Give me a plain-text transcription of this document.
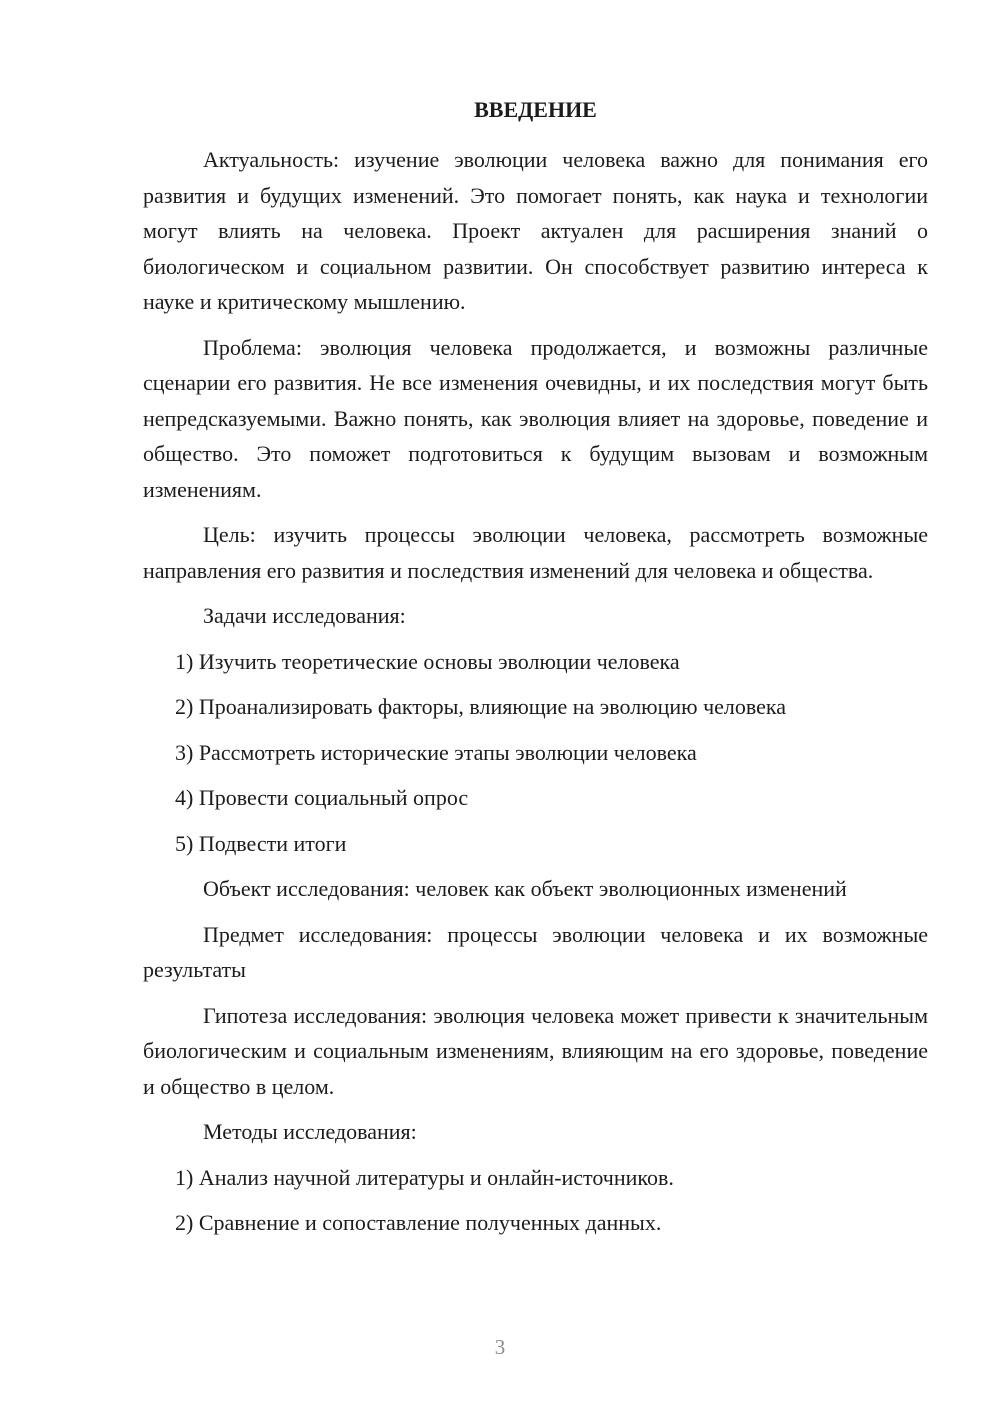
ВВЕДЕНИЕ

Актуальность: изучение эволюции человека важно для понимания его развития и будущих изменений. Это помогает понять, как наука и технологии могут влиять на человека. Проект актуален для расширения знаний о биологическом и социальном развитии. Он способствует развитию интереса к науке и критическому мышлению.

Проблема: эволюция человека продолжается, и возможны различные сценарии его развития. Не все изменения очевидны, и их последствия могут быть непредсказуемыми. Важно понять, как эволюция влияет на здоровье, поведение и общество. Это поможет подготовиться к будущим вызовам и возможным изменениям.

Цель: изучить процессы эволюции человека, рассмотреть возможные направления его развития и последствия изменений для человека и общества.

Задачи исследования:

1) Изучить теоретические основы эволюции человека
2) Проанализировать факторы, влияющие на эволюцию человека
3) Рассмотреть исторические этапы эволюции человека
4) Провести социальный опрос
5) Подвести итоги

Объект исследования: человек как объект эволюционных изменений

Предмет исследования: процессы эволюции человека и их возможные результаты

Гипотеза исследования: эволюция человека может привести к значительным биологическим и социальным изменениям, влияющим на его здоровье, поведение и общество в целом.

Методы исследования:

1) Анализ научной литературы и онлайн-источников.
2) Сравнение и сопоставление полученных данных.
3
